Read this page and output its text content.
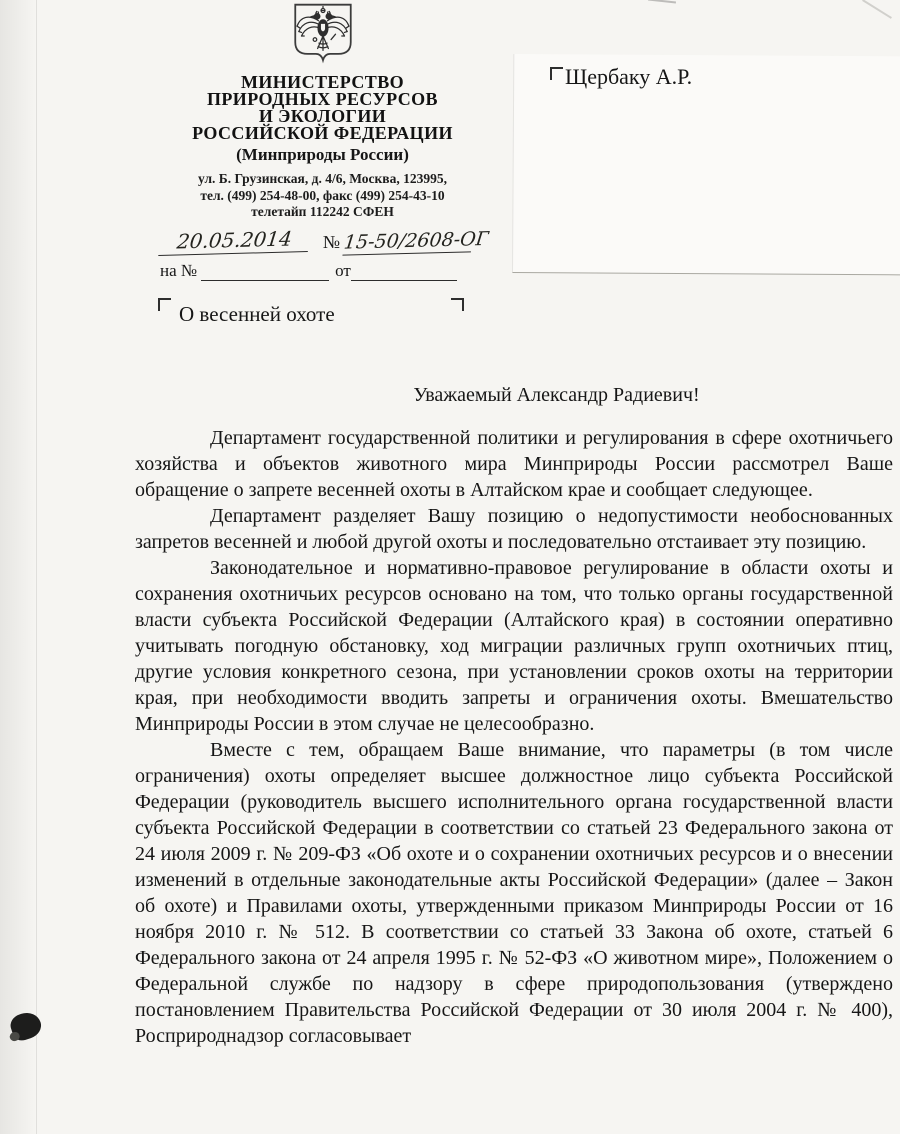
МИНИСТЕРСТВО
ПРИРОДНЫХ РЕСУРСОВ
И ЭКОЛОГИИ
РОССИЙСКОЙ ФЕДЕРАЦИИ
(Минприроды России)
ул. Б. Грузинская, д. 4/6, Москва, 123995,
тел. (499) 254-48-00, факс (499) 254-43-10
телетайп 112242 СФЕН
20.05.2014	№ 15-50/2608-ОГ
на №	от
Щербаку А.Р.
О весенней охоте

Уважаемый Александр Радиевич!

Департамент государственной политики и регулирования в сфере охотничьего хозяйства и объектов животного мира Минприроды России рассмотрел Ваше обращение о запрете весенней охоты в Алтайском крае и сообщает следующее.

Департамент разделяет Вашу позицию о недопустимости необоснованных запретов весенней и любой другой охоты и последовательно отстаивает эту позицию.

Законодательное и нормативно-правовое регулирование в области охоты и сохранения охотничьих ресурсов основано на том, что только органы государственной власти субъекта Российской Федерации (Алтайского края) в состоянии оперативно учитывать погодную обстановку, ход миграции различных групп охотничьих птиц, другие условия конкретного сезона, при установлении сроков охоты на территории края, при необходимости вводить запреты и ограничения охоты. Вмешательство Минприроды России в этом случае не целесообразно.

Вместе с тем, обращаем Ваше внимание, что параметры (в том числе ограничения) охоты определяет высшее должностное лицо субъекта Российской Федерации (руководитель высшего исполнительного органа государственной власти субъекта Российской Федерации в соответствии со статьей 23 Федерального закона от 24 июля 2009 г. № 209-ФЗ «Об охоте и о сохранении охотничьих ресурсов и о внесении изменений в отдельные законодательные акты Российской Федерации» (далее – Закон об охоте) и Правилами охоты, утвержденными приказом Минприроды России от 16 ноября 2010 г. № 512. В соответствии со статьей 33 Закона об охоте, статьей 6 Федерального закона от 24 апреля 1995 г. № 52-ФЗ «О животном мире», Положением о Федеральной службе по надзору в сфере природопользования (утверждено постановлением Правительства Российской Федерации от 30 июля 2004 г. № 400), Росприроднадзор согласовывает
